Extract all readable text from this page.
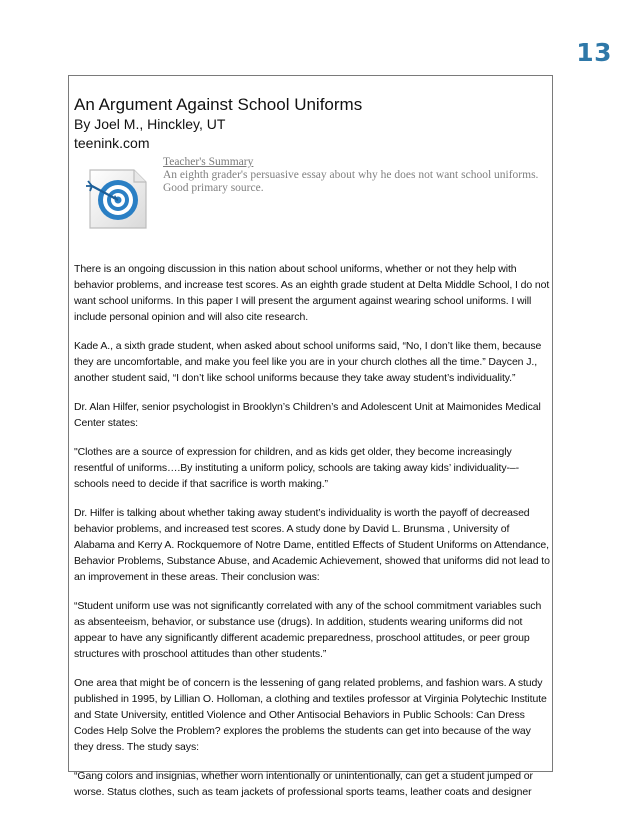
13
An Argument Against School Uniforms

By Joel M., Hinckley, UT

teenink.com

Teacher's Summary
An eighth grader's persuasive essay about why he does not want school uniforms. Good primary source.

There is an ongoing discussion in this nation about school uniforms, whether or not they help with behavior problems, and increase test scores. As an eighth grade student at Delta Middle School, I do not want school uniforms. In this paper I will present the argument against wearing school uniforms. I will include personal opinion and will also cite research.

Kade A., a sixth grade student, when asked about school uniforms said, “No, I don’t like them, because they are uncomfortable, and make you feel like you are in your church clothes all the time.” Daycen J., another student said, “I don’t like school uniforms because they take away student’s individuality.”

Dr. Alan Hilfer, senior psychologist in Brooklyn’s Children’s and Adolescent Unit at Maimonides Medical Center states:

"Clothes are a source of expression for children, and as kids get older, they become increasingly resentful of uniforms….By instituting a uniform policy, schools are taking away kids’ individuality-–- schools need to decide if that sacrifice is worth making.”

Dr. Hilfer is talking about whether taking away student’s individuality is worth the payoff of decreased behavior problems, and increased test scores. A study done by David L. Brunsma , University of Alabama and Kerry A. Rockquemore of Notre Dame, entitled Effects of Student Uniforms on Attendance, Behavior Problems, Substance Abuse, and Academic Achievement, showed that uniforms did not lead to an improvement in these areas. Their conclusion was:

“Student uniform use was not significantly correlated with any of the school commitment variables such as absenteeism, behavior, or substance use (drugs). In addition, students wearing uniforms did not appear to have any significantly different academic preparedness, proschool attitudes, or peer group structures with proschool attitudes than other students.”

One area that might be of concern is the lessening of gang related problems, and fashion wars. A study published in 1995, by Lillian O. Holloman, a clothing and textiles professor at Virginia Polytechic Institute and State University, entitled Violence and Other Antisocial Behaviors in Public Schools: Can Dress Codes Help Solve the Problem? explores the problems the students can get into because of the way they dress. The study says:

“Gang colors and insignias, whether worn intentionally or unintentionally, can get a student jumped or worse. Status clothes, such as team jackets of professional sports teams, leather coats and designer
